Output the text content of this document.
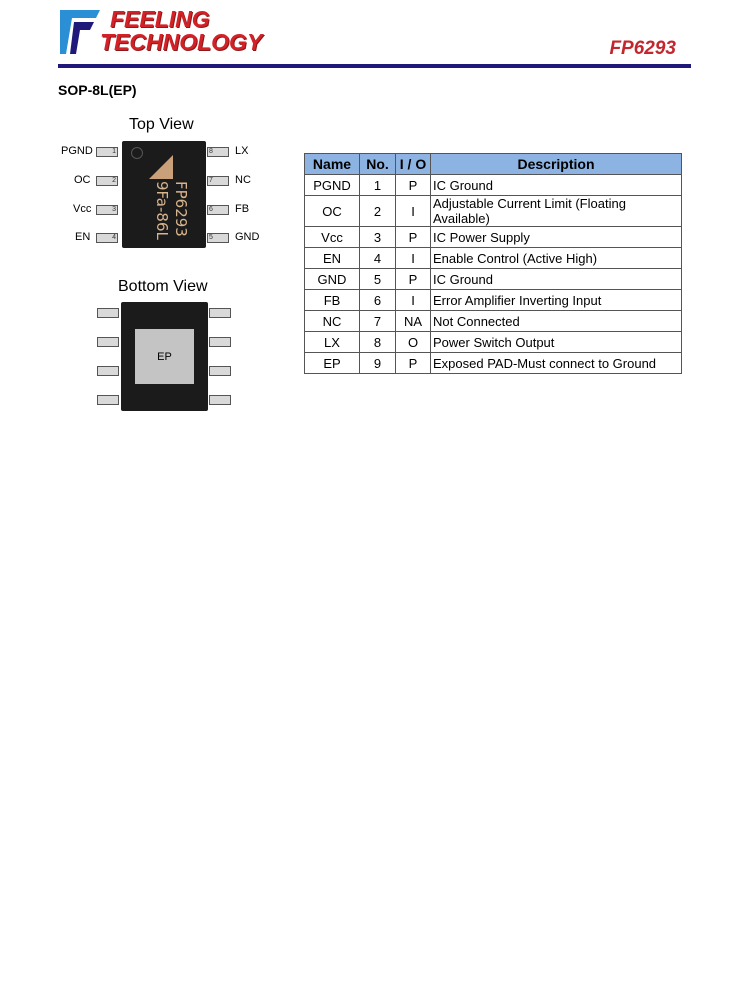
FEELING
TECHNOLOGY	FP6293
SOP-8L(EP)
Top View
PGND	1
OC	2
Vcc	3
EN	4
FP6293
9Fa-86L
8 LX
7 NC
6 FB
5 GND
Bottom View
EP
Name	No.	I / O	Description
PGND	1	P	IC Ground
OC	2	I	Adjustable Current Limit (Floating Available)
Vcc	3	P	IC Power Supply
EN	4	I	Enable Control (Active High)
GND	5	P	IC Ground
FB	6	I	Error Amplifier Inverting Input
NC	7	NA	Not Connected
LX	8	O	Power Switch Output
EP	9	P	Exposed PAD-Must connect to Ground
